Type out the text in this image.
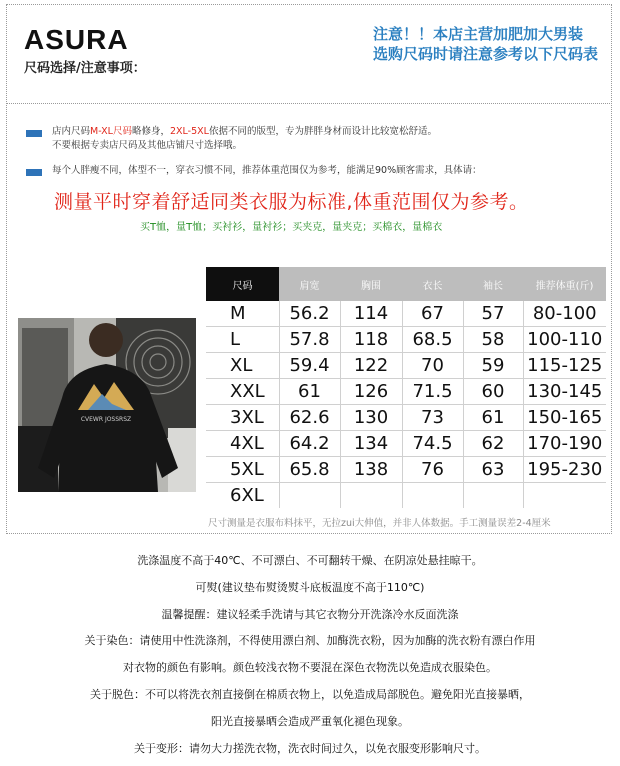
ASURA
尺码选择/注意事项：
注意！！本店主营加肥加大男装
选购尺码时请注意参考以下尺码表
店内尺码M-XL尺码略修身，2XL-5XL依据不同的版型，专为胖胖身材而设计比较宽松舒适。
不要根据专卖店尺码及其他店铺尺寸选择哦。
每个人胖瘦不同，体型不一，穿衣习惯不同，推荐体重范围仅为参考，能满足90%顾客需求，具体请：
测量平时穿着舒适同类衣服为标准,体重范围仅为参考。
买T恤，量T恤；买衬衫，量衬衫；买夹克，量夹克；买棉衣，量棉衣
CVEWR JOSSRSZ
尺码	肩宽	胸围	衣长	袖长	推荐体重(斤)
M	56.2	114	67	57	80-100
L	57.8	118	68.5	58	100-110
XL	59.4	122	70	59	115-125
XXL	61	126	71.5	60	130-145
3XL	62.6	130	73	61	150-165
4XL	64.2	134	74.5	62	170-190
5XL	65.8	138	76	63	195-230
6XL					
尺寸测量是衣服布料抹平，无拉zui大伸值，并非人体数据。手工测量误差2-4厘米
洗涤温度不高于40℃、不可漂白、不可翻转干燥、在阴凉处悬挂晾干。
可熨(建议垫布熨烫熨斗底板温度不高于110℃)
温馨提醒：建议轻柔手洗请与其它衣物分开洗涤冷水反面洗涤
关于染色：请使用中性洗涤剂，不得使用漂白剂、加酶洗衣粉，因为加酶的洗衣粉有漂白作用
对衣物的颜色有影响。颜色较浅衣物不要混在深色衣物洗以免造成衣服染色。
关于脱色：不可以将洗衣剂直接倒在棉质衣物上，以免造成局部脱色。避免阳光直接暴晒，
阳光直接暴晒会造成严重氧化褪色现象。
关于变形：请勿大力搓洗衣物，洗衣时间过久，以免衣服变形影响尺寸。
